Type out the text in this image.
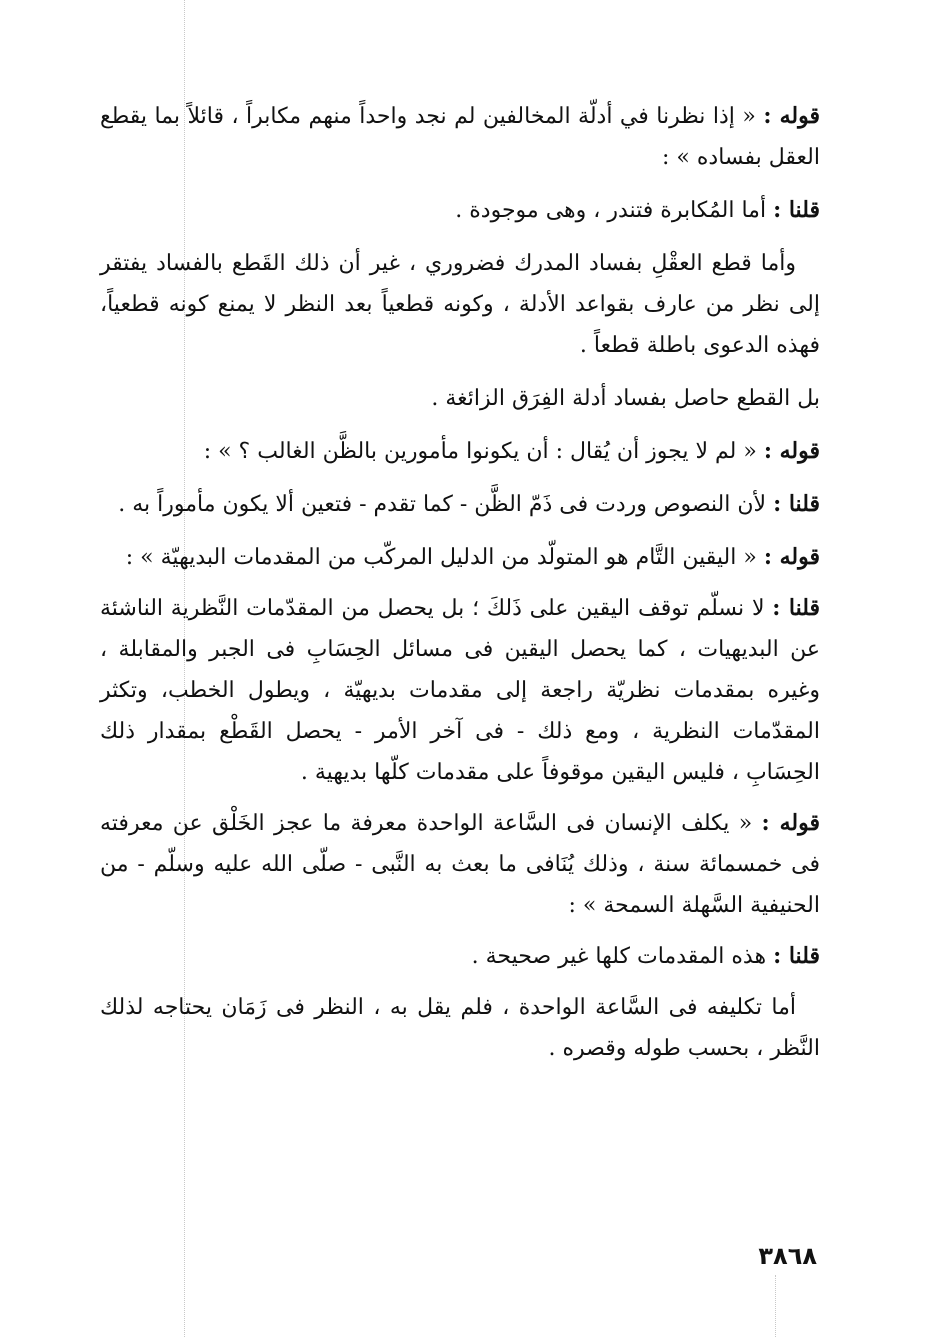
قوله : « إذا نظرنا في أدلّة المخالفين لم نجد واحداً منهم مكابراً ، قائلاً بما يقطع العقل بفساده » :

قلنا : أما المُكابرة فتندر ، وهى موجودة .

وأما قطع العقْلِ بفساد المدرك فضروري ، غير أن ذلك القَطع بالفساد يفتقر إلى نظر من عارف بقواعد الأدلة ، وكونه قطعياً بعد النظر لا يمنع كونه قطعياً، فهذه الدعوى باطلة قطعاً .

بل القطع حاصل بفساد أدلة الفِرَق الزائغة .

قوله : « لم لا يجوز أن يُقال : أن يكونوا مأمورين بالظَّن الغالب ؟ » :

قلنا : لأن النصوص وردت فى ذَمّ الظَّن - كما تقدم - فتعين ألا يكون مأموراً به .

قوله : « اليقين التَّام هو المتولّد من الدليل المركّب من المقدمات البديهيّة » :

قلنا : لا نسلّم توقف اليقين على ذَلكَ ؛ بل يحصل من المقدّمات النَّظرية الناشئة عن البديهيات ، كما يحصل اليقين فى مسائل الحِسَابِ فى الجبر والمقابلة ، وغيره بمقدمات نظريّة راجعة إلى مقدمات بديهيّة ، ويطول الخطب، وتكثر المقدّمات النظرية ، ومع ذلك - فى آخر الأمر - يحصل القَطْع بمقدار ذلك الحِسَابِ ، فليس اليقين موقوفاً على مقدمات كلّها بديهية .

قوله : « يكلف الإنسان فى السَّاعة الواحدة معرفة ما عجز الخَلْق عن معرفته فى خمسمائة سنة ، وذلك يُنَافى ما بعث به النَّبى - صلّى الله عليه وسلّم - من الحنيفية السَّهلة السمحة » :

قلنا : هذه المقدمات كلها غير صحيحة .

أما تكليفه فى السَّاعة الواحدة ، فلم يقل به ، النظر فى زَمَان يحتاجه لذلك النَّظر ، بحسب طوله وقصره .

٣٨٦٨
